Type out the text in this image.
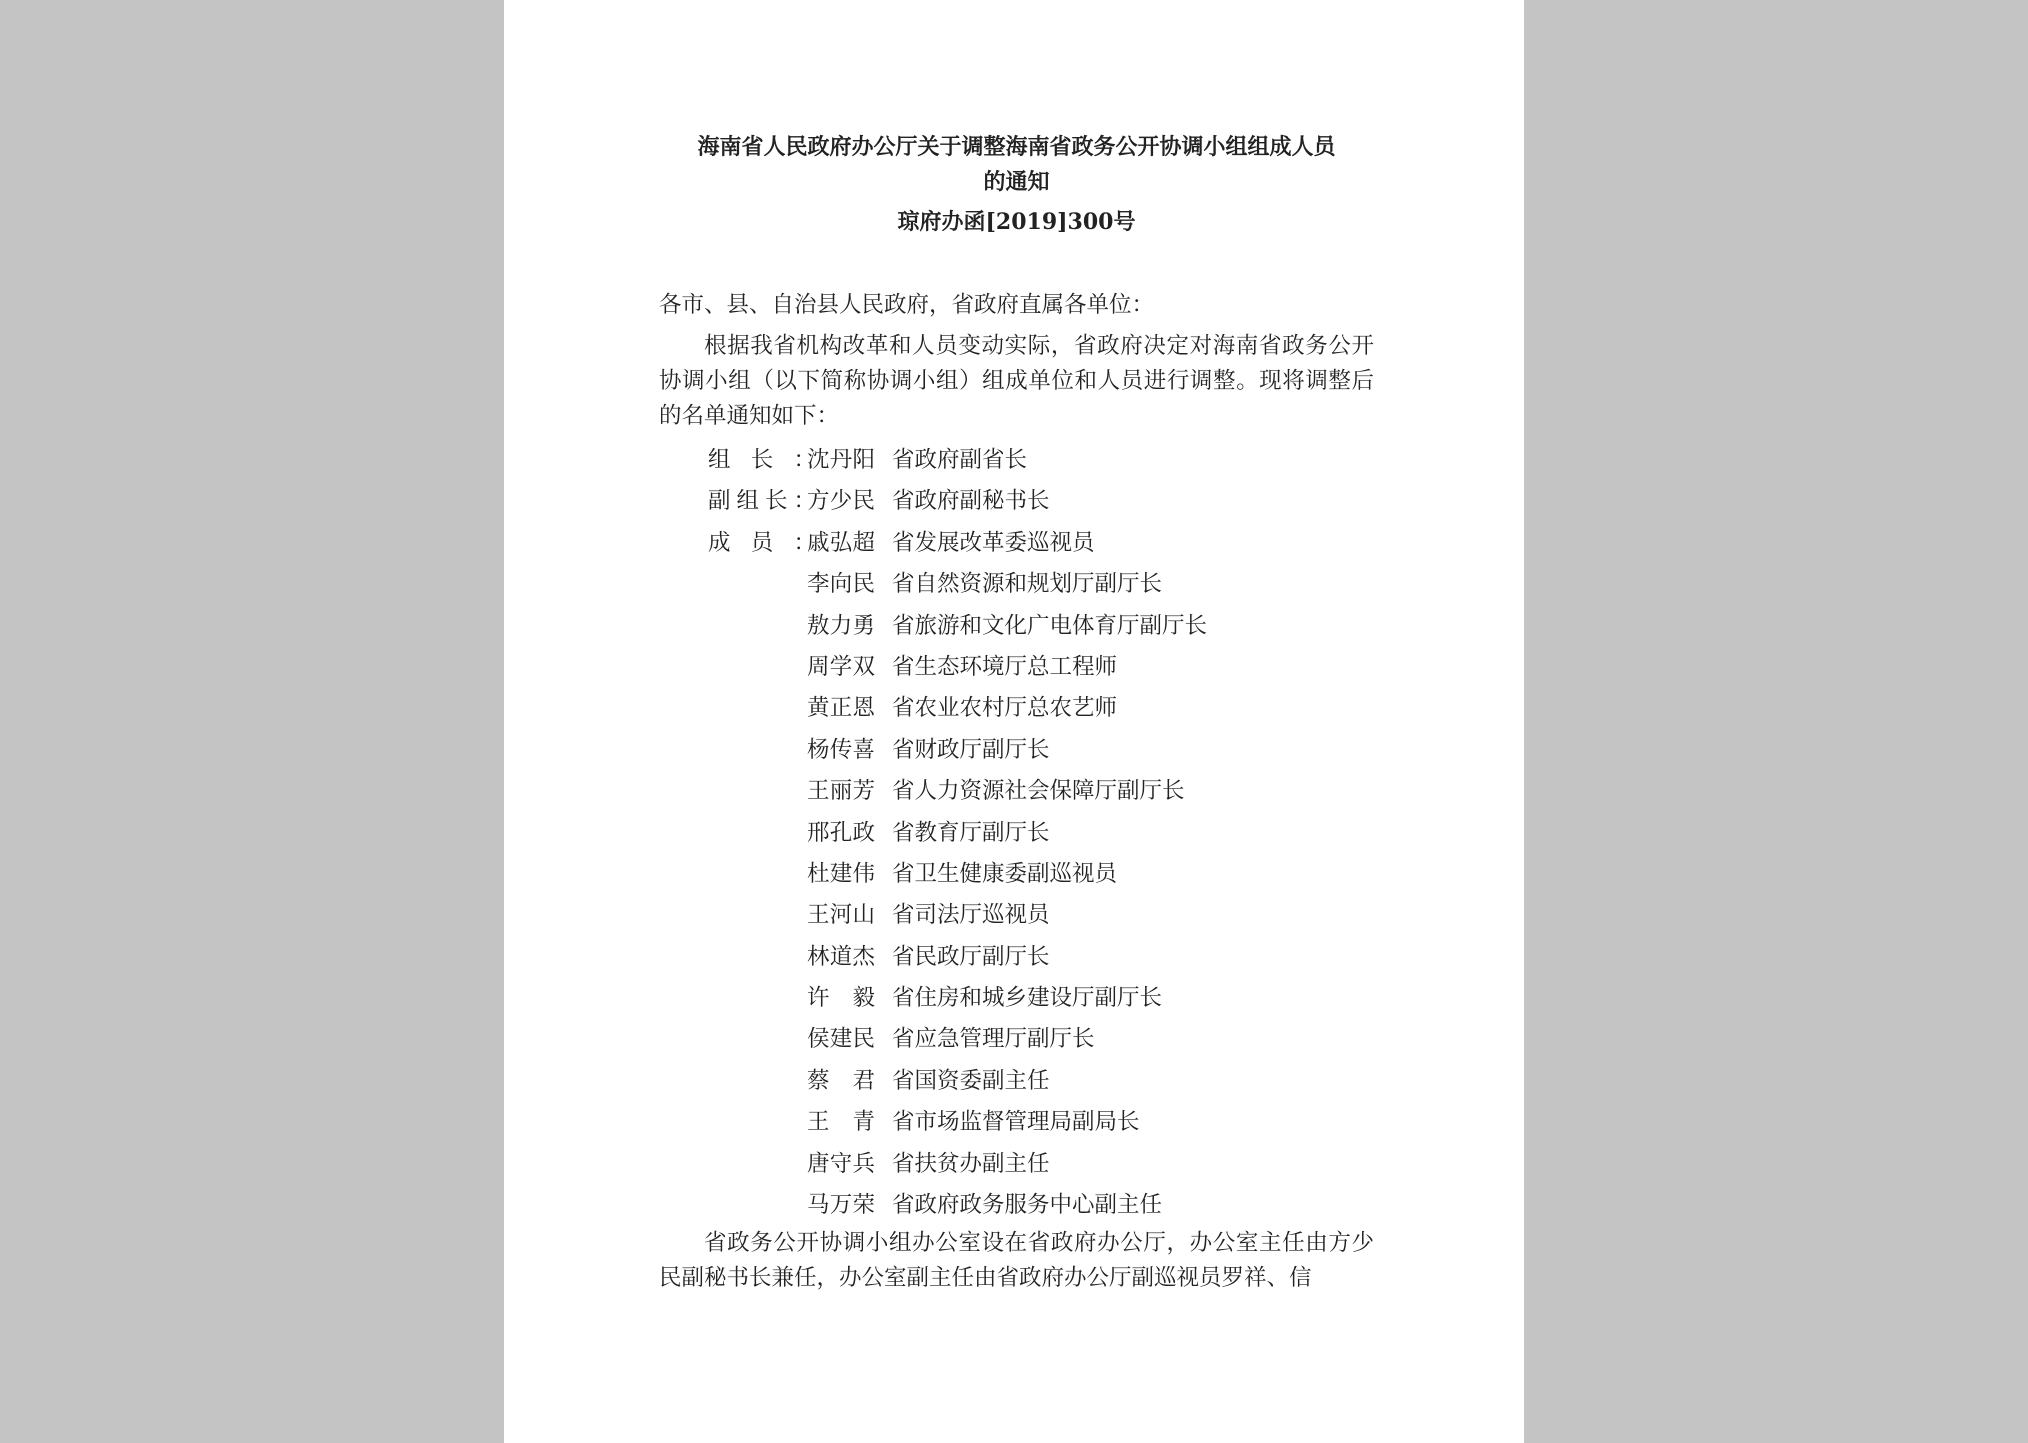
海南省人民政府办公厅关于调整海南省政务公开协调小组组成人员
的通知

琼府办函[2019]300号

各市、县、自治县人民政府，省政府直属各单位：

根据我省机构改革和人员变动实际，省政府决定对海南省政务公开协调小组（以下简称协调小组）组成单位和人员进行调整。现将调整后的名单通知如下：

组长：
沈丹阳 省政府副省长
副组长：
方少民 省政府副秘书长
成员：
戚弘超 省发展改革委巡视员
李向民 省自然资源和规划厅副厅长
敖力勇 省旅游和文化广电体育厅副厅长
周学双 省生态环境厅总工程师
黄正恩 省农业农村厅总农艺师
杨传喜 省财政厅副厅长
王丽芳 省人力资源社会保障厅副厅长
邢孔政 省教育厅副厅长
杜建伟 省卫生健康委副巡视员
王河山 省司法厅巡视员
林道杰 省民政厅副厅长
许毅 省住房和城乡建设厅副厅长
侯建民 省应急管理厅副厅长
蔡君 省国资委副主任
王青 省市场监督管理局副局长
唐守兵 省扶贫办副主任
马万荣 省政府政务服务中心副主任

省政务公开协调小组办公室设在省政府办公厅，办公室主任由方少民副秘书长兼任，办公室副主任由省政府办公厅副巡视员罗祥、信
